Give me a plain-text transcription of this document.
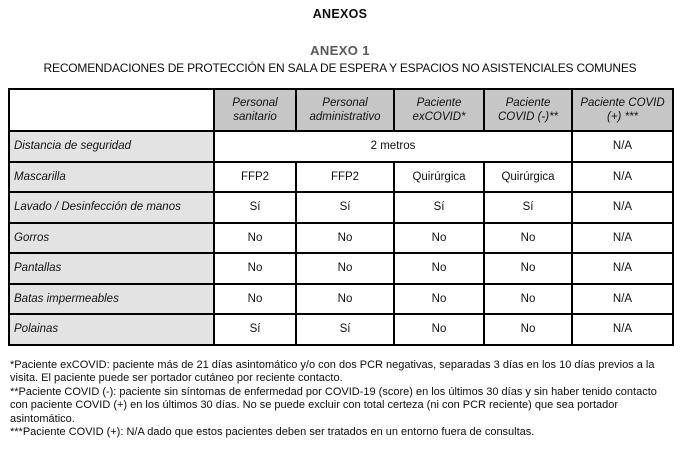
ANEXOS
ANEXO 1
RECOMENDACIONES DE PROTECCIÓN EN SALA DE ESPERA Y ESPACIOS NO ASISTENCIALES COMUNES
	Personal sanitario	Personal administrativo	Paciente exCOVID*	Paciente COVID (-)**	Paciente COVID (+) ***
Distancia de seguridad	2 metros				N/A
Mascarilla	FFP2	FFP2	Quirúrgica	Quirúrgica	N/A
Lavado / Desinfección de manos	Sí	Sí	Sí	Sí	N/A
Gorros	No	No	No	No	N/A
Pantallas	No	No	No	No	N/A
Batas impermeables	No	No	No	No	N/A
Polainas	Sí	Sí	No	No	N/A

*Paciente exCOVID: paciente más de 21 días asintomático y/o con dos PCR negativas, separadas 3 días en los 10 días previos a la visita. El paciente puede ser portador cutáneo por reciente contacto.

**Paciente COVID (-): paciente sin síntomas de enfermedad por COVID-19 (score) en los últimos 30 días y sin haber tenido contacto con paciente COVID (+) en los últimos 30 días. No se puede excluir con total certeza (ni con PCR reciente) que sea portador asintomático.

***Paciente COVID (+): N/A dado que estos pacientes deben ser tratados en un entorno fuera de consultas.
